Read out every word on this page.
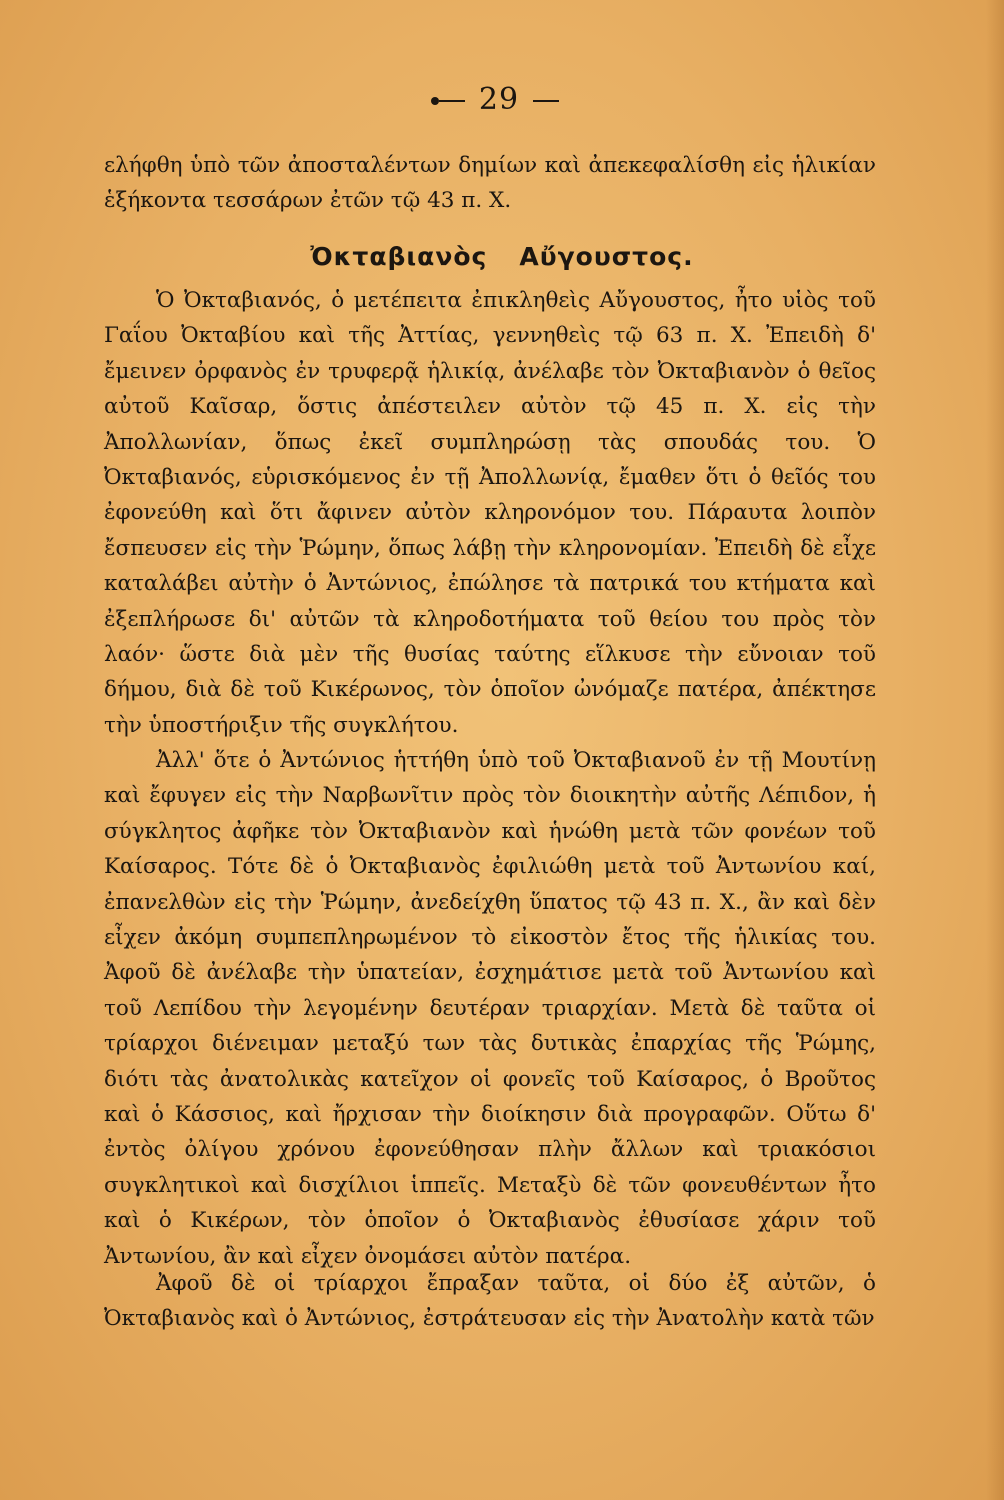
29
ελήφθη ὑπὸ τῶν ἀποσταλέντων δημίων καὶ ἀπεκεφαλίσθη εἰς ἡλικίαν ἑξήκοντα τεσσάρων ἐτῶν τῷ 43 π. Χ.
Ὀκταβιανὸς Αὔγουστος.

Ὁ Ὀκταβιανός, ὁ μετέπειτα ἐπικληθεὶς Αὔγουστος, ἦτο υἱὸς τοῦ Γαΐου Ὀκταβίου καὶ τῆς Ἀττίας, γεννηθεὶς τῷ 63 π. Χ. Ἐπειδὴ δ' ἔμεινεν ὀρφανὸς ἐν τρυφερᾷ ἡλικίᾳ, ἀνέλαβε τὸν Ὀκταβιανὸν ὁ θεῖος αὐτοῦ Καῖσαρ, ὅστις ἀπέστειλεν αὐτὸν τῷ 45 π. Χ. εἰς τὴν Ἀπολλωνίαν, ὅπως ἐκεῖ συμπληρώσῃ τὰς σπουδάς του. Ὁ Ὀκταβιανός, εὑρισκόμενος ἐν τῇ Ἀπολλωνίᾳ, ἔμαθεν ὅτι ὁ θεῖός του ἐφονεύθη καὶ ὅτι ἄφινεν αὐτὸν κληρονόμον του. Πάραυτα λοιπὸν ἔσπευσεν εἰς τὴν Ῥώμην, ὅπως λάβῃ τὴν κληρονομίαν. Ἐπειδὴ δὲ εἶχε καταλάβει αὐτὴν ὁ Ἀντώνιος, ἐπώλησε τὰ πατρικά του κτήματα καὶ ἐξεπλήρωσε δι' αὐτῶν τὰ κληροδοτήματα τοῦ θείου του πρὸς τὸν λαόν· ὥστε διὰ μὲν τῆς θυσίας ταύτης εἵλκυσε τὴν εὔνοιαν τοῦ δήμου, διὰ δὲ τοῦ Κικέρωνος, τὸν ὁποῖον ὠνόμαζε πατέρα, ἀπέκτησε τὴν ὑποστήριξιν τῆς συγκλήτου.

Ἀλλ' ὅτε ὁ Ἀντώνιος ἡττήθη ὑπὸ τοῦ Ὀκταβιανοῦ ἐν τῇ Μουτίνῃ καὶ ἔφυγεν εἰς τὴν Ναρβωνῖτιν πρὸς τὸν διοικητὴν αὐτῆς Λέπιδον, ἡ σύγκλητος ἀφῆκε τὸν Ὀκταβιανὸν καὶ ἡνώθη μετὰ τῶν φονέων τοῦ Καίσαρος. Τότε δὲ ὁ Ὀκταβιανὸς ἐφιλιώθη μετὰ τοῦ Ἀντωνίου καί, ἐπανελθὼν εἰς τὴν Ῥώμην, ἀνεδείχθη ὕπατος τῷ 43 π. Χ., ἂν καὶ δὲν εἶχεν ἀκόμη συμπεπληρωμένον τὸ εἰκοστὸν ἔτος τῆς ἡλικίας του. Ἀφοῦ δὲ ἀνέλαβε τὴν ὑπατείαν, ἐσχημάτισε μετὰ τοῦ Ἀντωνίου καὶ τοῦ Λεπίδου τὴν λεγομένην δευτέραν τριαρχίαν. Μετὰ δὲ ταῦτα οἱ τρίαρχοι διένειμαν μεταξύ των τὰς δυτικὰς ἐπαρχίας τῆς Ῥώμης, διότι τὰς ἀνατολικὰς κατεῖχον οἱ φονεῖς τοῦ Καίσαρος, ὁ Βροῦτος καὶ ὁ Κάσσιος, καὶ ἤρχισαν τὴν διοίκησιν διὰ προγραφῶν. Οὕτω δ' ἐντὸς ὀλίγου χρόνου ἐφονεύθησαν πλὴν ἄλλων καὶ τριακόσιοι συγκλητικοὶ καὶ δισχίλιοι ἱππεῖς. Μεταξὺ δὲ τῶν φονευθέντων ἦτο καὶ ὁ Κικέρων, τὸν ὁποῖον ὁ Ὀκταβιανὸς ἐθυσίασε χάριν τοῦ Ἀντωνίου, ἂν καὶ εἶχεν ὀνομάσει αὐτὸν πατέρα.

Ἀφοῦ δὲ οἱ τρίαρχοι ἔπραξαν ταῦτα, οἱ δύο ἐξ αὐτῶν, ὁ Ὀκταβιανὸς καὶ ὁ Ἀντώνιος, ἐστράτευσαν εἰς τὴν Ἀνατολὴν κατὰ τῶν
